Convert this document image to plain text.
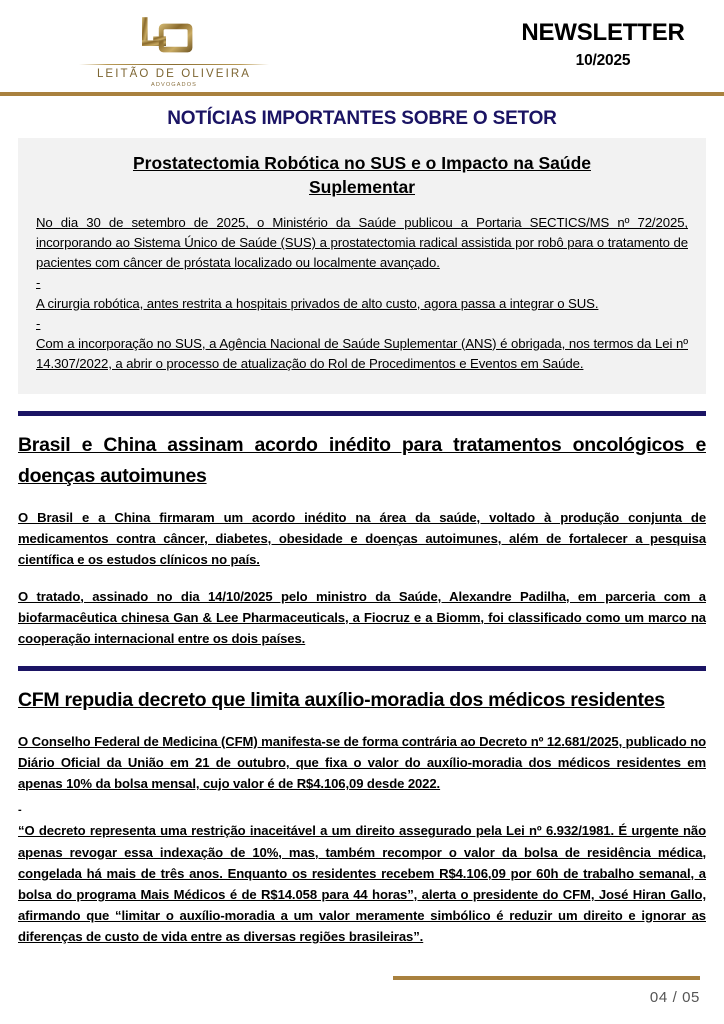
LEITÃO DE OLIVEIRA
ADVOGADOS
NEWSLETTER
10/2025
NOTÍCIAS IMPORTANTES SOBRE O SETOR
Prostatectomia Robótica no SUS e o Impacto na Saúde
Suplementar
No dia 30 de setembro de 2025, o Ministério da Saúde publicou a Portaria SECTICS/MS nº 72/2025, incorporando ao Sistema Único de Saúde (SUS) a prostatectomia radical assistida por robô para o tratamento de pacientes com câncer de próstata localizado ou localmente avançado.
-
A cirurgia robótica, antes restrita a hospitais privados de alto custo, agora passa a integrar o SUS.
-
Com a incorporação no SUS, a Agência Nacional de Saúde Suplementar (ANS) é obrigada, nos termos da Lei nº 14.307/2022, a abrir o processo de atualização do Rol de Procedimentos e Eventos em Saúde.
Brasil e China assinam acordo inédito para tratamentos oncológicos e doenças autoimunes
O Brasil e a China firmaram um acordo inédito na área da saúde, voltado à produção conjunta de medicamentos contra câncer, diabetes, obesidade e doenças autoimunes, além de fortalecer a pesquisa científica e os estudos clínicos no país.
O tratado, assinado no dia 14/10/2025 pelo ministro da Saúde, Alexandre Padilha, em parceria com a biofarmacêutica chinesa Gan & Lee Pharmaceuticals, a Fiocruz e a Biomm, foi classificado como um marco na cooperação internacional entre os dois países.
CFM repudia decreto que limita auxílio-moradia dos médicos residentes
O Conselho Federal de Medicina (CFM) manifesta-se de forma contrária ao Decreto nº 12.681/2025, publicado no Diário Oficial da União em 21 de outubro, que fixa o valor do auxílio-moradia dos médicos residentes em apenas 10% da bolsa mensal, cujo valor é de R$4.106,09 desde 2022.
-
“O decreto representa uma restrição inaceitável a um direito assegurado pela Lei nº 6.932/1981. É urgente não apenas revogar essa indexação de 10%, mas, também recompor o valor da bolsa de residência médica, congelada há mais de três anos. Enquanto os residentes recebem R$4.106,09 por 60h de trabalho semanal, a bolsa do programa Mais Médicos é de R$14.058 para 44 horas”, alerta o presidente do CFM, José Hiran Gallo, afirmando que “limitar o auxílio-moradia a um valor meramente simbólico é reduzir um direito e ignorar as diferenças de custo de vida entre as diversas regiões brasileiras”.
04 / 05
